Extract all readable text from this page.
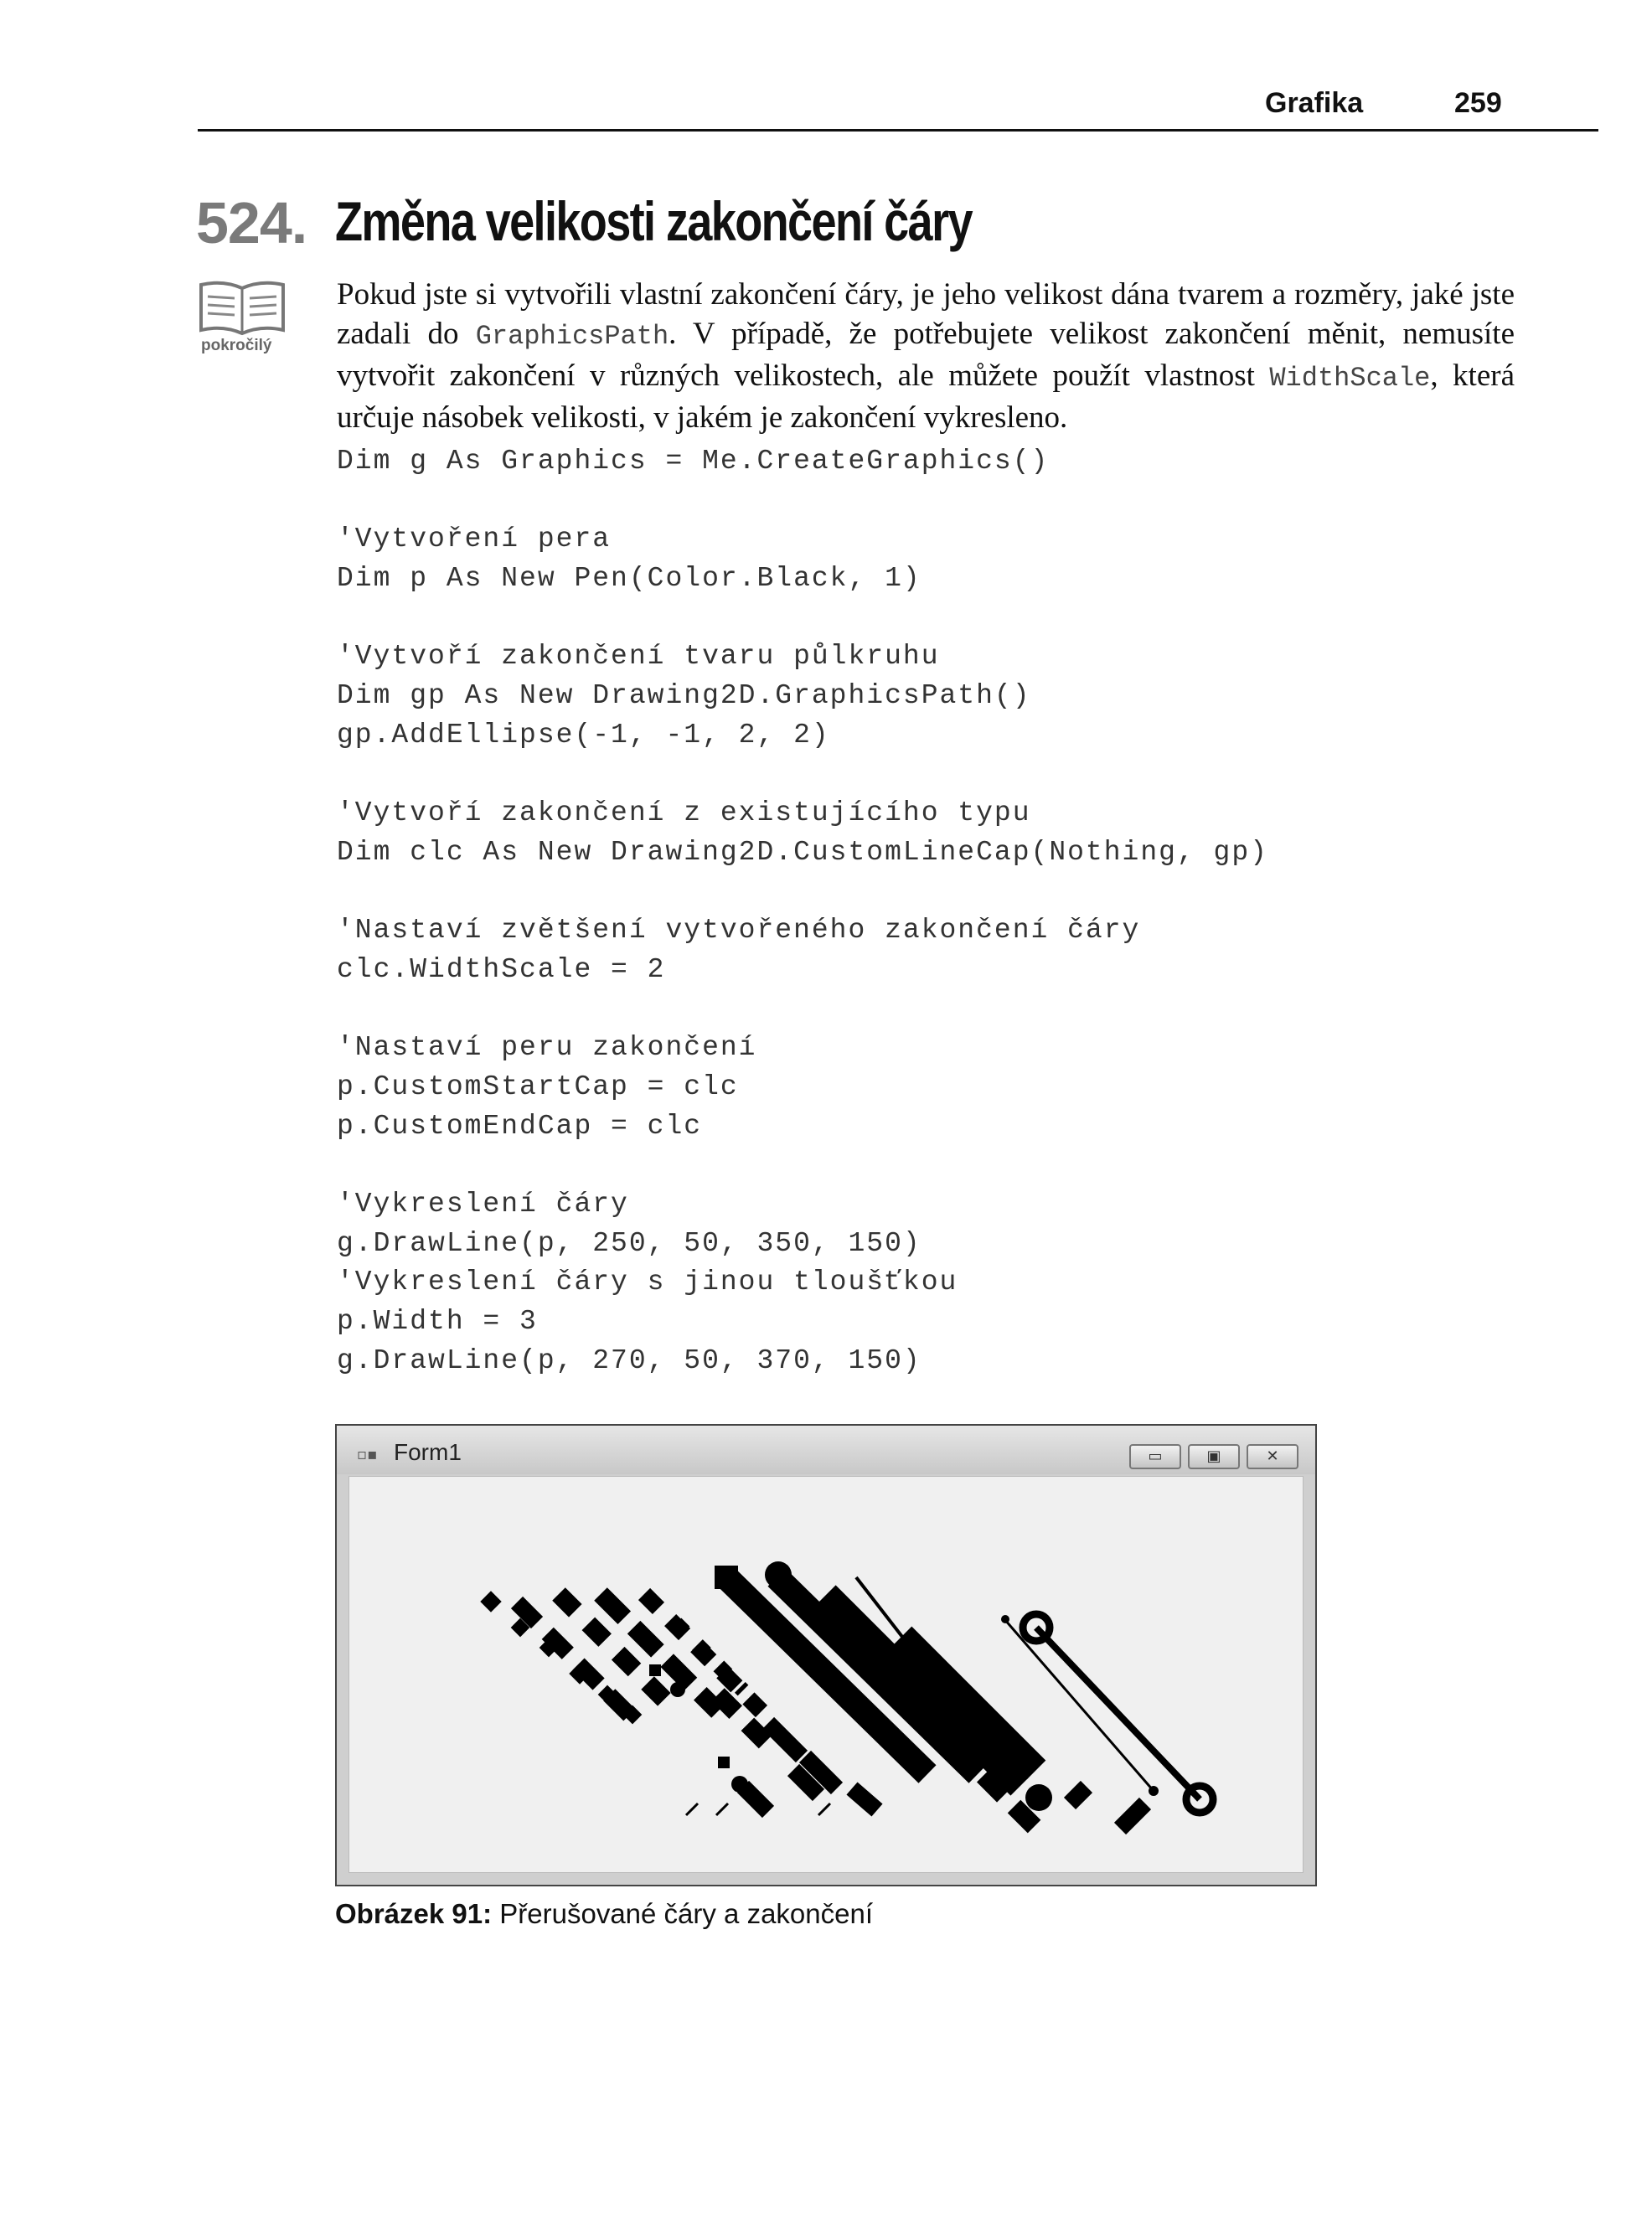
Grafika	259
524. Změna velikosti zakončení čáry
pokročilý
Pokud jste si vytvořili vlastní zakončení čáry, je jeho velikost dána tvarem a rozměry, jaké jste zadali do GraphicsPath. V případě, že potřebujete velikost zakončení měnit, nemusíte vytvořit zakončení v různých velikostech, ale můžete použít vlastnost WidthScale, která určuje násobek velikosti, v jakém je zakončení vykresleno.
Dim g As Graphics = Me.CreateGraphics()
'Vytvoření pera
Dim p As New Pen(Color.Black, 1)
'Vytvoří zakončení tvaru půlkruhu
Dim gp As New Drawing2D.GraphicsPath()
gp.AddEllipse(-1, -1, 2, 2)
'Vytvoří zakončení z existujícího typu
Dim clc As New Drawing2D.CustomLineCap(Nothing, gp)
'Nastaví zvětšení vytvořeného zakončení čáry
clc.WidthScale = 2
'Nastaví peru zakončení
p.CustomStartCap = clc
p.CustomEndCap = clc
'Vykreslení čáry
g.DrawLine(p, 250, 50, 350, 150)
'Vykreslení čáry s jinou tloušťkou
p.Width = 3
g.DrawLine(p, 270, 50, 370, 150)
▫▪ Form1	▭	▣	✕
Obrázek 91: Přerušované čáry a zakončení
